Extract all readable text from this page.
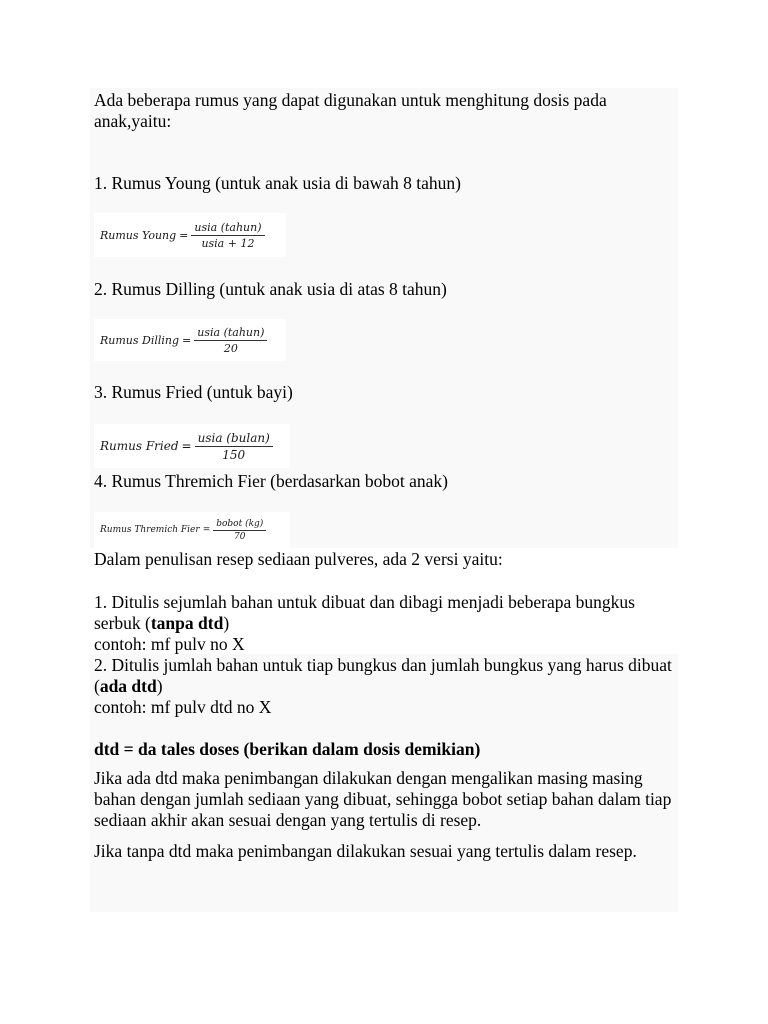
Ada beberapa rumus yang dapat digunakan untuk menghitung dosis pada anak,yaitu:

1. Rumus Young (untuk anak usia di bawah 8 tahun)

Rumus Young = $\frac{\text{usia (tahun)}}{\text{usia + 12}}$

2. Rumus Dilling (untuk anak usia di atas 8 tahun)

Rumus Dilling = $\frac{\text{usia (tahun)}}{20}$

3. Rumus Fried (untuk bayi)

Rumus Fried = $\frac{\text{usia (bulan)}}{150}$

4. Rumus Thremich Fier (berdasarkan bobot anak)

Rumus Thremich Fier = $\frac{\text{bobot (kg)}}{70}$

Dalam penulisan resep sediaan pulveres, ada 2 versi yaitu:

1. Ditulis sejumlah bahan untuk dibuat dan dibagi menjadi beberapa bungkus serbuk (tanpa dtd)
contoh: mf pulv no X

2. Ditulis jumlah bahan untuk tiap bungkus dan jumlah bungkus yang harus dibuat (ada dtd)
contoh: mf pulv dtd no X

dtd = da tales doses (berikan dalam dosis demikian)

Jika ada dtd maka penimbangan dilakukan dengan mengalikan masing masing bahan dengan jumlah sediaan yang dibuat, sehingga bobot setiap bahan dalam tiap sediaan akhir akan sesuai dengan yang tertulis di resep.

Jika tanpa dtd maka penimbangan dilakukan sesuai yang tertulis dalam resep.
